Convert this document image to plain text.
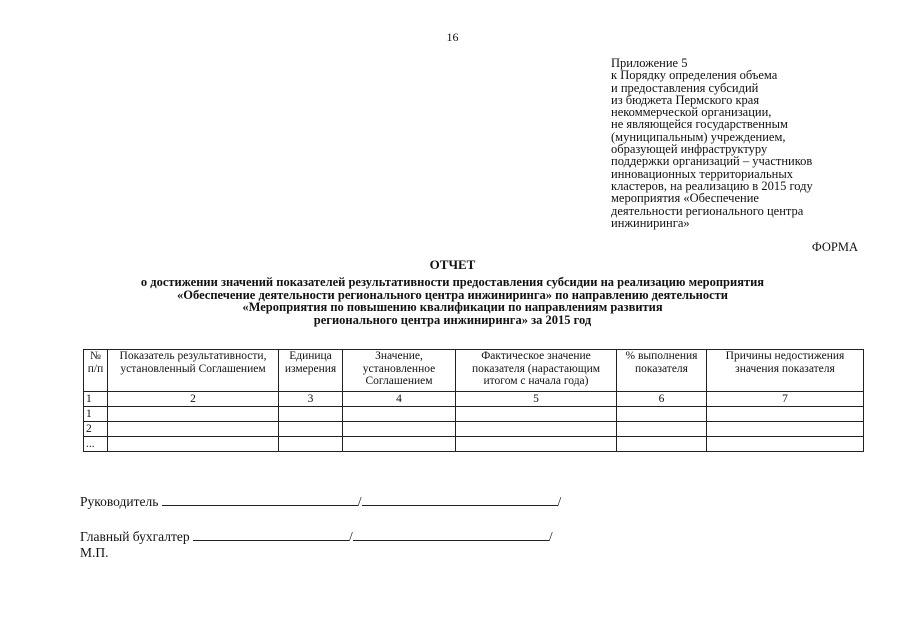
16
Приложение 5
к Порядку определения объема
и предоставления субсидий
из бюджета Пермского края
некоммерческой организации,
не являющейся государственным
(муниципальным) учреждением,
образующей инфраструктуру
поддержки организаций – участников
инновационных территориальных
кластеров, на реализацию в 2015 году
мероприятия «Обеспечение
деятельности регионального центра
инжиниринга»
ФОРМА
ОТЧЕТ
о достижении значений показателей результативности предоставления субсидии на реализацию мероприятия
«Обеспечение деятельности регионального центра инжиниринга» по направлению деятельности
«Мероприятия по повышению квалификации по направлениям развития
регионального центра инжиниринга» за 2015 год
№ п/п	Показатель результативности, установленный Соглашением	Единица измерения	Значение, установленное Соглашением	Фактическое значение показателя (нарастающим итогом с начала года)	% выполнения показателя	Причины недостижения значения показателя
1	2	3	4	5	6	7
1						
2						
...						
Руководитель	/	/
Главный бухгалтер	/	/
М.П.
